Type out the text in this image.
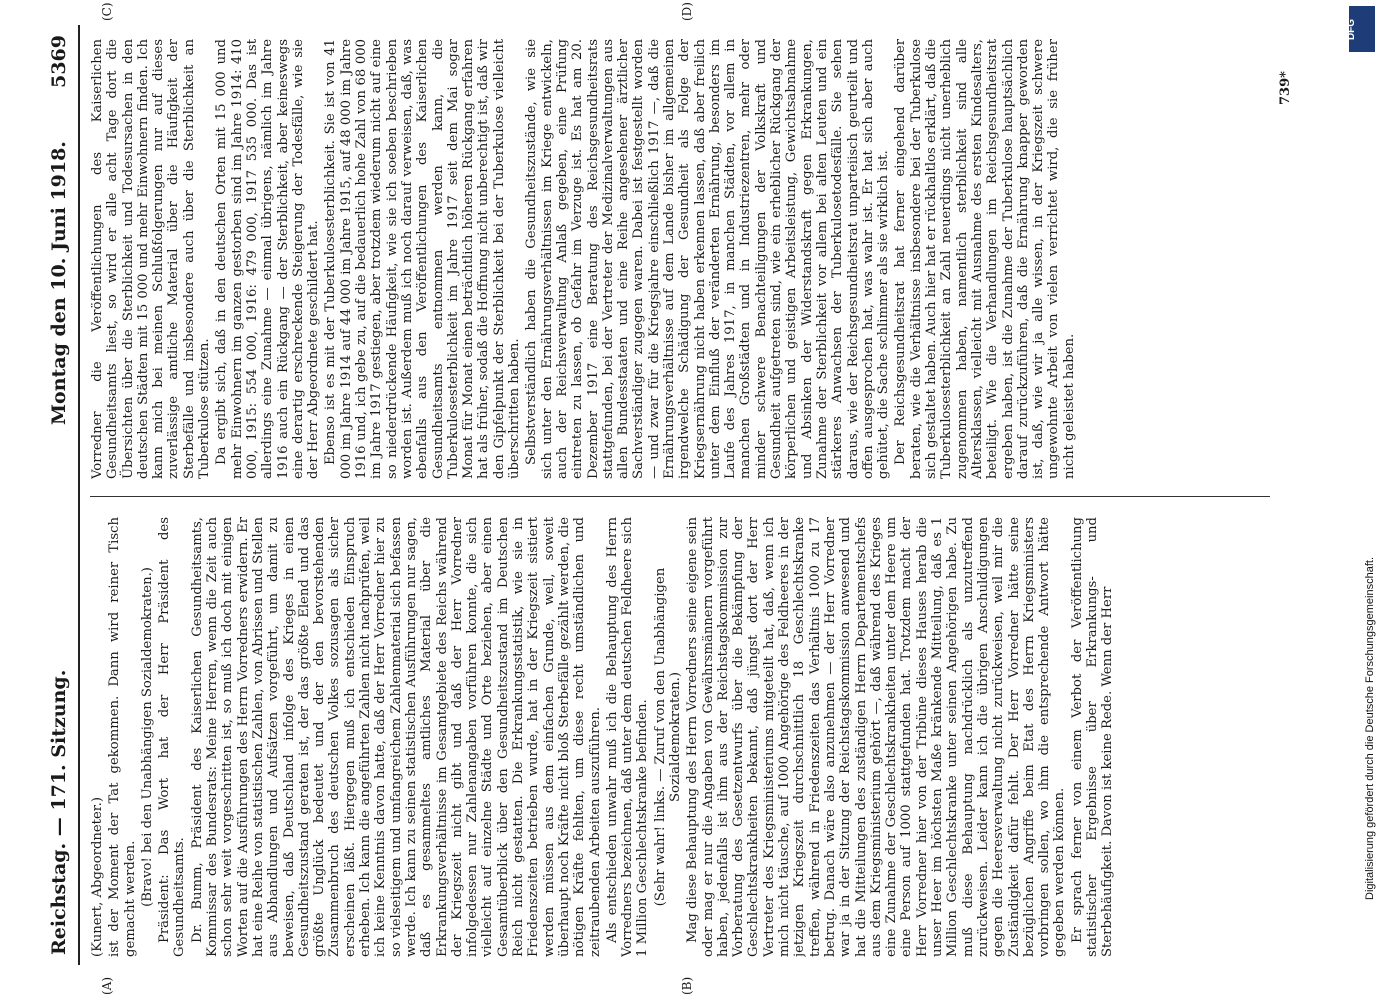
Reichstag. — 171. Sitzung.
Montag den 10. Juni 1918.
5369
(A)	(B)
(C)	(D)

(Kunert, Abgeordneter.) ist der Moment der Tat gekommen. Dann wird reiner Tisch gemacht werden. (Bravo! bei den Unabhängigen Sozialdemokraten.) Präsident: Das Wort hat der Herr Präsident des Gesundheitsamts. Dr. Bumm, Präsident des Kaiserlichen Gesundheitsamts, Kommissar des Bundesrats: Meine Herren, wenn die Zeit auch schon sehr weit vorgeschritten ist, so muß ich doch mit einigen Worten auf die Ausführungen des Herrn Vorredners erwidern. Er hat eine Reihe von statistischen Zahlen, von Abrissen und Stellen aus Abhandlungen und Aufsätzen vorgeführt, um damit zu beweisen, daß Deutschland infolge des Krieges in einen Gesundheitszustand geraten ist, der das größte Elend und das größte Unglück bedeutet und der den bevorstehenden Zusammenbruch des deutschen Volkes sozusagen als sicher erscheinen läßt. Hiergegen muß ich entschieden Einspruch erheben. Ich kann die angeführten Zahlen nicht nachprüfen, weil ich keine Kenntnis davon hatte, daß der Herr Vorredner hier zu so vielseitigem und umfangreichem Zahlenmaterial sich befassen werde. Ich kann zu seinen statistischen Ausführungen nur sagen, daß es gesammeltes amtliches Material über die Erkrankungsverhältnisse im Gesamtgebiete des Reichs während der Kriegszeit nicht gibt und daß der Herr Vorredner infolgedessen nur Zahlenangaben vorführen konnte, die sich vielleicht auf einzelne Städte und Orte beziehen, aber einen Gesamtüberblick über den Gesundheitszustand im Deutschen Reich nicht gestatten. Die Erkrankungsstatistik, wie sie in Friedenszeiten betrieben wurde, hat in der Kriegszeit sistiert werden müssen aus dem einfachen Grunde, weil, soweit überhaupt noch Kräfte nicht bloß Sterbefälle gezählt werden, die nötigen Kräfte fehlten, um diese recht umständlichen und zeitraubenden Arbeiten auszuführen. Als entschieden unwahr muß ich die Behauptung des Herrn Vorredners bezeichnen, daß unter dem deutschen Feldheere sich 1 Million Geschlechtskranke befinden. (Sehr wahr! links. — Zuruf von den Unabhängigen Sozialdemokraten.) Mag diese Behauptung des Herrn Vorredners seine eigene sein oder mag er nur die Angaben von Gewährsmännern vorgeführt haben, jedenfalls ist ihm aus der Reichstagskommission zur Vorberatung des Gesetzentwurfs über die Bekämpfung der Geschlechtskrankheiten bekannt, daß jüngst dort der Herr Vertreter des Kriegsministeriums mitgeteilt hat, daß, wenn ich mich nicht täusche, auf 1000 Angehörige des Feldheeres in der jetzigen Kriegszeit durchschnittlich 18 Geschlechtskranke treffen, während in Friedenszeiten das Verhältnis 1000 zu 17 betrug. Danach wäre also anzunehmen — der Herr Vorredner war ja in der Sitzung der Reichstagskommission anwesend und hat die Mitteilungen des zuständigen Herrn Departementschefs aus dem Kriegsministerium gehört —, daß während des Krieges eine Zunahme der Geschlechtskrankheiten unter dem Heere um eine Person auf 1000 stattgefunden hat. Trotzdem macht der Herr Vorredner hier von der Tribüne dieses Hauses herab die unser Heer im höchsten Maße kränkende Mitteilung, daß es 1 Million Geschlechtskranke unter seinen Angehörigen habe. Zu muß diese Behauptung nachdrücklich als unzutreffend zurückweisen. Leider kann ich die übrigen Anschuldigungen gegen die Heeresverwaltung nicht zurückweisen, weil mir die Zuständigkeit dafür fehlt. Der Herr Vorredner hätte seine bezüglichen Angriffe beim Etat des Herrn Kriegsministers vorbringen sollen, wo ihm die entsprechende Antwort hätte gegeben werden können. Er sprach ferner von einem Verbot der Veröffentlichung statistischer Ergebnisse über Erkrankungs- und Sterbehäufigkeit. Davon ist keine Rede. Wenn der Herr

Vorredner die Veröffentlichungen des Kaiserlichen Gesundheitsamts liest, so wird er alle acht Tage dort die Übersichten über die Sterblichkeit und Todesursachen in den deutschen Städten mit 15 000 und mehr Einwohnern finden. Ich kann mich bei meinen Schlußfolgerungen nur auf dieses zuverlässige amtliche Material über die Häufigkeit der Sterbefälle und insbesondere auch über die Sterblichkeit an Tuberkulose stützen. Da ergibt sich, daß in den deutschen Orten mit 15 000 und mehr Einwohnern im ganzen gestorben sind im Jahre 1914: 410 000, 1915: 554 000, 1916: 479 000, 1917 535 000. Das ist allerdings eine Zunahme — einmal übrigens, nämlich im Jahre 1916 auch ein Rückgang — der Sterblichkeit, aber keineswegs eine derartig erschreckende Steigerung der Todesfälle, wie sie der Herr Abgeordnete geschildert hat. Ebenso ist es mit der Tuberkulosesterblichkeit. Sie ist von 41 000 im Jahre 1914 auf 44 000 im Jahre 1915, auf 48 000 im Jahre 1916 und, ich gebe zu, auf die bedauerlich hohe Zahl von 68 000 im Jahre 1917 gestiegen, aber trotzdem wiederum nicht auf eine so niederdrückende Häufigkeit, wie sie ich soeben beschrieben worden ist. Außerdem muß ich noch darauf verweisen, daß, was ebenfalls aus den Veröffentlichungen des Kaiserlichen Gesundheitsamts entnommen werden kann, die Tuberkulosesterblichkeit im Jahre 1917 seit dem Mai sogar Monat für Monat einen beträchtlich höheren Rückgang erfahren hat als früher, sodaß die Hoffnung nicht unberechtigt ist, daß wir den Gipfelpunkt der Sterblichkeit bei der Tuberkulose vielleicht überschritten haben. Selbstverständlich haben die Gesundheitszustände, wie sie sich unter den Ernährungsverhältnissen im Kriege entwickeln, auch der Reichsverwaltung Anlaß gegeben, eine Prüfung eintreten zu lassen, ob Gefahr im Verzuge ist. Es hat am 20. Dezember 1917 eine Beratung des Reichsgesundheitsrats stattgefunden, bei der Vertreter der Medizinalverwaltungen aus allen Bundesstaaten und eine Reihe angesehener ärztlicher Sachverständiger zugegen waren. Dabei ist festgestellt worden — und zwar für die Kriegsjahre einschließlich 1917 —, daß die Ernährungsverhältnisse auf dem Lande bisher im allgemeinen irgendwelche Schädigung der Gesundheit als Folge der Kriegsernährung nicht haben erkennen lassen, daß aber freilich unter dem Einfluß der veränderten Ernährung, besonders im Laufe des Jahres 1917, in manchen Städten, vor allem in manchen Großstädten und in Industriezentren, mehr oder minder schwere Benachteiligungen der Volkskraft und Gesundheit aufgetreten sind, wie ein erheblicher Rückgang der körperlichen und geistigen Arbeitsleistung, Gewichtsabnahme und Absinken der Widerstandskraft gegen Erkrankungen, Zunahme der Sterblichkeit vor allem bei alten Leuten und ein stärkeres Anwachsen der Tuberkulosetodesfälle. Sie sehen daraus, wie der Reichsgesundheitsrat unparteiisch geurteilt und offen ausgesprochen hat, was wahr ist. Er hat sich aber auch gehütet, die Sache schlimmer als sie wirklich ist. Der Reichsgesundheitsrat hat ferner eingehend darüber beraten, wie die Verhältnisse insbesondere bei der Tuberkulose sich gestaltet haben. Auch hier hat er rückhaltlos erklärt, daß die Tuberkulosesterblichkeit an Zahl neuerdings nicht unerheblich zugenommen haben, namentlich sterblichkeit sind alle Altersklassen, vielleicht mit Ausnahme des ersten Kindesalters, beteiligt. Wie die Verhandlungen im Reichsgesundheitsrat ergeben haben, ist die Zunahme der Tuberkulose hauptsächlich darauf zurückzuführen, daß die Ernährung knapper geworden ist, daß, wie wir ja alle wissen, in der Kriegszeit schwere ungewohnte Arbeit von vielen verrichtet wird, die sie früher nicht geleistet haben.

739*
DFG
Digitalisierung gefördert durch die Deutsche Forschungsgemeinschaft.
